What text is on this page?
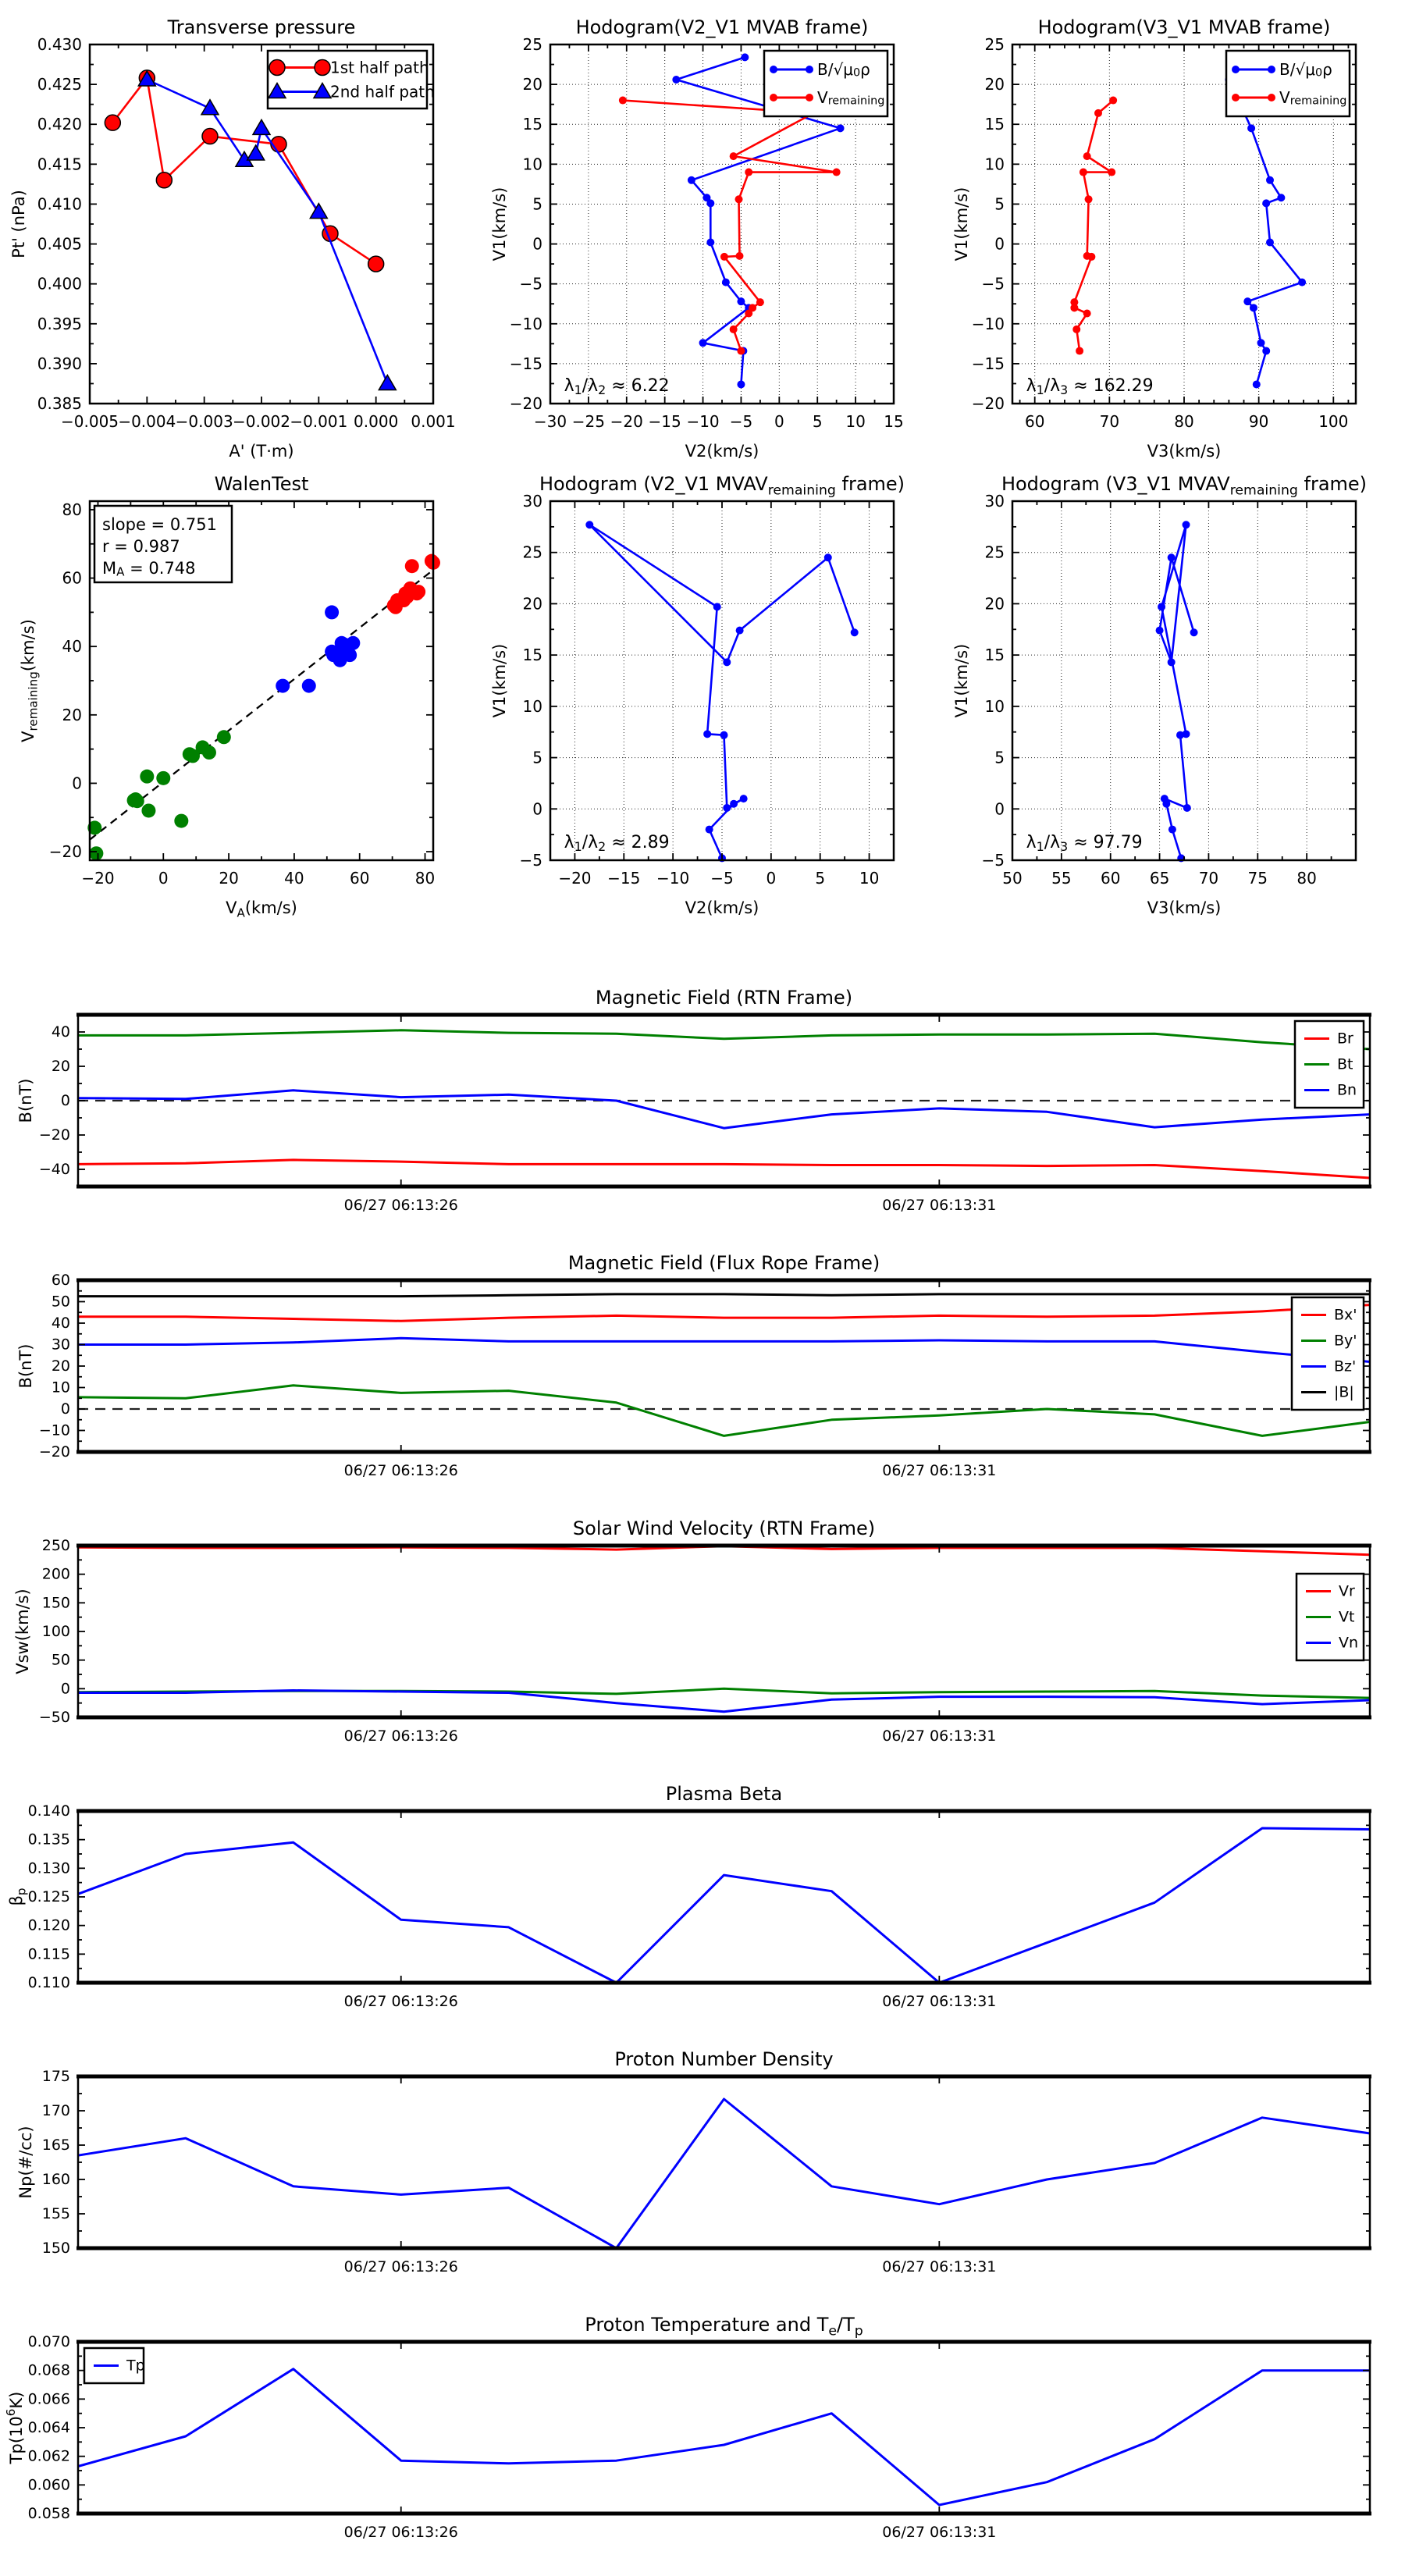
−0.005 −0.004 −0.003 −0.002 −0.001 0.000 0.001
0.385
0.390
0.395
0.400
0.405
0.410
0.415
0.420
0.425
0.430
Transverse pressure
A' (T·m)
Pt' (nPa)
1st half path
2nd half path
−30 −25 −20 −15 −10 −5 0 5 10 15
−20
−15
−10
−5
0
5
10
15
20
25
Hodogram(V2_V1 MVAB frame)
V2(km/s)
V1(km/s)
$B/√\mu_0\rho$
$V_{remaining}$
$\lambda_1/\lambda_2 \approx 6.22$
60	70	80	90	100
−20
−15
−10
−5
0
5
10
15
20
25
Hodogram(V3_V1 MVAB frame)
V3(km/s)
V1(km/s)
$B/√\mu_0\rho$
$V_{remaining}$
$\lambda_1/\lambda_3 \approx 162.29$
−20	0	20	40	60	80
−20
0
20
40
60
80
WalenTest
$V_A(km/s)$
$V_{remaining}(km/s)$
slope = 0.751
r = 0.987
$M_A = 0.748$
−20 −15 −10 −5 0	5 10
−5
0
5
10
15
20
25
30
Hodogram (V2_V1 $MVAV_{remaining}$ frame)
V2(km/s)
V1(km/s)
$\lambda_1/\lambda_2 \approx 2.89$
50 55 60 65 70 75 80
−5
0
5
10
15
20
25
30
Hodogram (V3_V1 $MVAV_{remaining}$ frame)
V3(km/s)
V1(km/s)
$\lambda_1/\lambda_3 \approx 97.79$
06/27 06:13:26	06/27 06:13:31
−40
−20
0
20
40
Magnetic Field (RTN Frame)
B(nT)
Br
Bt
Bn
06/27 06:13:26	06/27 06:13:31
−20
−10
0
10
20
30
40
50
60
Magnetic Field (Flux Rope Frame)
B(nT)
Bx'
By'
Bz'
|B|
06/27 06:13:26	06/27 06:13:31
−50
0
50
100
150
200
250
Solar Wind Velocity (RTN Frame)
Vsw(km/s)	Vr
Vt
Vn
06/27 06:13:26	06/27 06:13:31
0.110
0.115
0.120
0.125
0.130
0.135
0.140
Plasma Beta
$\beta_p$
06/27 06:13:26	06/27 06:13:31
150
155
160
165
170
175
Proton Number Density
Np(#/cc)
06/27 06:13:26	06/27 06:13:31
0.058
0.060
0.062
0.064
0.066
0.068
0.070
Proton Temperature and $T_e/T_p$
$Tp(10^6K)$
Tp
